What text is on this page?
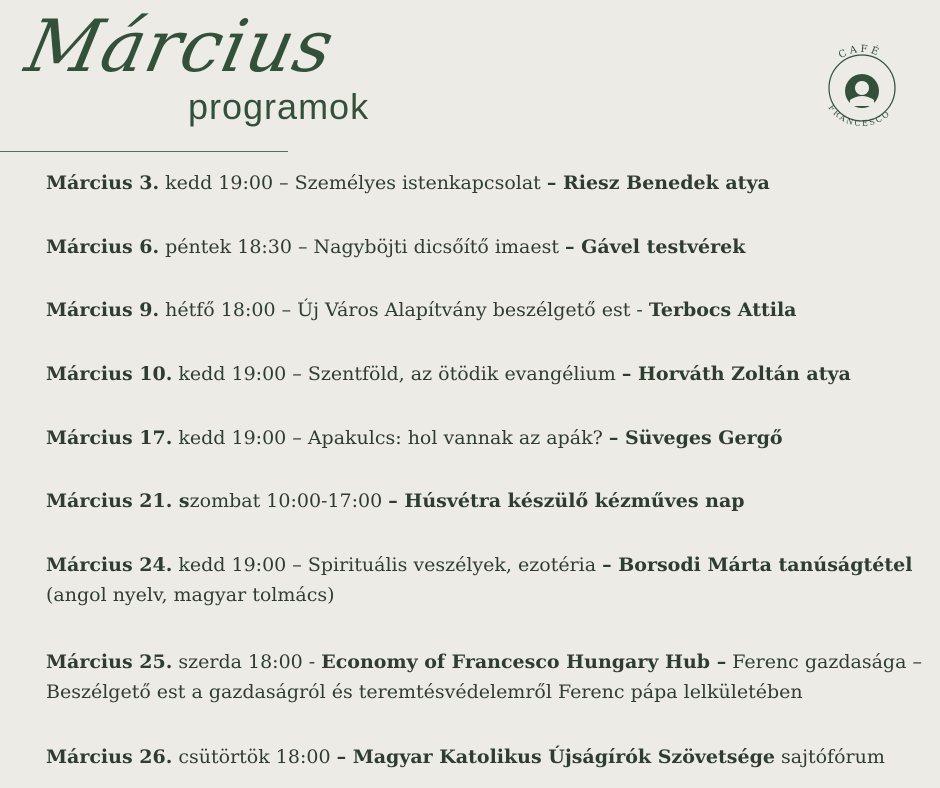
Március
programok
CAFÉ
FRANCESCO
Március 3. kedd 19:00 – Személyes istenkapcsolat – Riesz Benedek atya
Március 6. péntek 18:30 – Nagyböjti dicsőítő imaest – Gável testvérek
Március 9. hétfő 18:00 – Új Város Alapítvány beszélgető est - Terbocs Attila
Március 10. kedd 19:00 – Szentföld, az ötödik evangélium – Horváth Zoltán atya
Március 17. kedd 19:00 – Apakulcs: hol vannak az apák? – Süveges Gergő
Március 21. szombat 10:00-17:00 – Húsvétra készülő kézműves nap
Március 24. kedd 19:00 – Spirituális veszélyek, ezotéria – Borsodi Márta tanúságtétel
(angol nyelv, magyar tolmács)
Március 25. szerda 18:00 - Economy of Francesco Hungary Hub – Ferenc gazdasága –
Beszélgető est a gazdaságról és teremtésvédelemről Ferenc pápa lelkületében
Március 26. csütörtök 18:00 – Magyar Katolikus Újságírók Szövetsége sajtófórum
